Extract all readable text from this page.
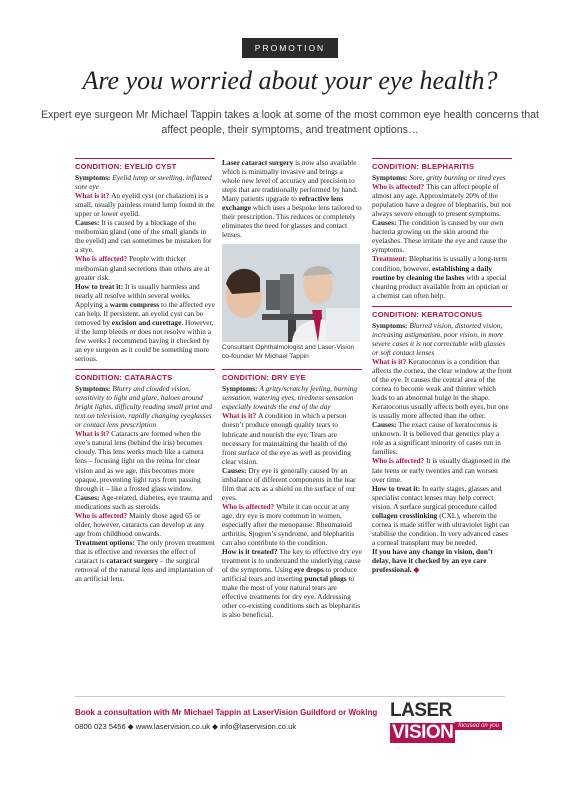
PROMOTION
Are you worried about your eye health?

Expert eye surgeon Mr Michael Tappin takes a look at some of the most common eye health concerns that affect people, their symptoms, and treatment options…

CONDITION: EYELID CYST

Symptoms: Eyelid lump or swelling, inflamed sore eye

What is it? An eyelid cyst (or chalazion) is a small, usually painless round lump found in the upper or lower eyelid.

Causes: It is caused by a blockage of the meibomian gland (one of the small glands in the eyelid) and can sometimes be mistaken for a stye.

Who is affected? People with thicker meibomian gland secretions than others are at greater risk.

How to treat it: It is usually harmless and nearly all resolve within several weeks. Applying a warm compress to the affected eye can help. If persistent, an eyelid cyst can be removed by excision and curettage. However, if the lump bleeds or does not resolve within a few weeks I recommend having it checked by an eye surgeon as it could be something more serious.

CONDITION: CATARACTS

Symptoms: Blurry and clouded vision, sensitivity to light and glare, haloes around bright lights, difficulty reading small print and text on television, rapidly changing eyeglasses or contact lens prescription

What is it? Cataracts are formed when the eye’s natural lens (behind the iris) becomes cloudy. This lens works much like a camera lens – focusing light on the retina for clear vision and as we age, this becomes more opaque, preventing light rays from passing through it – like a frosted glass window.

Causes: Age-related, diabetes, eye trauma and medications such as steroids.

Who is affected? Mainly those aged 65 or older, however, cataracts can develop at any age from childhood onwards.

Treatment options: The only proven treatment that is effective and reverses the effect of cataract is cataract surgery – the surgical removal of the natural lens and implantation of an artificial lens.

Laser cataract surgery is now also available which is minimally invasive and brings a whole new level of accuracy and precision to steps that are traditionally performed by hand. Many patients upgrade to refractive lens exchange which uses a bespoke lens tailored to their prescription. This reduces or completely eliminates the need for glasses and contact lenses.

Consultant Ophthalmologist and Laser-Vision co-founder Mr Michael Tappin

CONDITION: DRY EYE

Symptoms: A gritty/scratchy feeling, burning sensation, watering eyes, tiredness sensation especially towards the end of the day

What is it? A condition in which a person doesn’t produce enough quality tears to lubricate and nourish the eye. Tears are necessary for maintaining the health of the front surface of the eye as well as providing clear vision.

Causes: Dry eye is generally caused by an imbalance of different components in the tear film that acts as a shield on the surface of our eyes.

Who is affected? While it can occur at any age, dry eye is more common in women, especially after the menopause. Rheumatoid arthritis, Sjogren’s syndrome, and blepharitis can also contribute to the condition.

How is it treated? The key to effective dry eye treatment is to understand the underlying cause of the symptoms. Using eye drops to produce artificial tears and inserting punctal plugs to make the most of your natural tears are effective treatments for dry eye. Addressing other co-existing conditions such as blepharitis is also beneficial.

CONDITION: BLEPHARITIS

Symptoms: Sore, gritty burning or tired eyes

Who is affected? This can affect people of almost any age. Approximately 20% of the population have a degree of blepharitis, but not always severe enough to present symptoms.

Causes: The condition is caused by our own bacteria growing on the skin around the eyelashes. These irritate the eye and cause the symptoms.

Treatment: Blepharitis is usually a long-term condition, however, establishing a daily routine by cleaning the lashes with a special cleaning product available from an optician or a chemist can often help.

CONDITION: KERATOCONUS

Symptoms: Blurred vision, distorted vision, increasing astigmatism, poor vision, in more severe cases it is not correctable with glasses or soft contact lenses

What is it? Keratoconus is a condition that affects the cornea, the clear window at the front of the eye. It causes the central area of the cornea to become weak and thinner which leads to an abnormal bulge in the shape. Keratoconus usually affects both eyes, but one is usually more affected than the other.

Causes: The exact cause of keratoconus is unknown. It is believed that genetics play a role as a significant minority of cases run in families.

Who is affected? It is usually diagnosed in the late teens or early twenties and can worsen over time.

How to treat it: In early stages, glasses and specialist contact lenses may help correct vision. A surface surgical procedure called collagen crosslinking (CXL), wherein the cornea is made stiffer with ultraviolet light can stabilise the condition. In very advanced cases a corneal transplant may be needed.

If you have any change in vision, don’t delay, have it checked by an eye care professional. ◆

Book a consultation with Mr Michael Tappin at LaserVision Guildford or Woking

0800 023 5456 ◆ www.laservision.co.uk ◆ info@laservision.co.uk

LASERVISION focused on you
